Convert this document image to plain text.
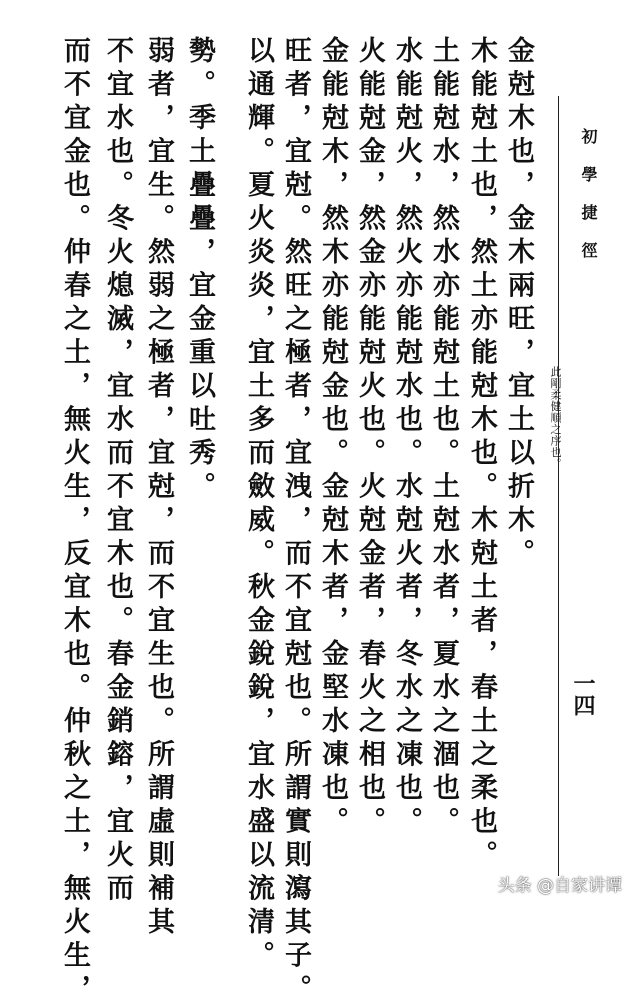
初學捷徑
此剛柔健順之序也。
一四
金尅木也，金木兩旺，宜土以折木。
木能尅土也，然土亦能尅木也。木尅土者，春土之柔也。
土能尅水，然水亦能尅土也。土尅水者，夏水之涸也。
水能尅火，然火亦能尅水也。水尅火者，冬水之凍也。
火能尅金，然金亦能尅火也。火尅金者，春火之相也。
金能尅木，然木亦能尅金也。金尅木者，金堅水凍也。
旺者，宜尅。然旺之極者，宜洩，而不宜尅也。所謂實則瀉其子。
以通輝。夏火炎炎，宜土多而斂威。秋金銳銳，宜水盛以流清。
勢。季土疊疊，宜金重以吐秀。
弱者，宜生。然弱之極者，宜尅，而不宜生也。所謂虛則補其
不宜水也。冬火熄滅，宜水而不宜木也。春金銷鎔，宜火而
而不宜金也。仲春之土，無火生，反宜木也。仲秋之土，無火生，	头条 @自家讲谭
